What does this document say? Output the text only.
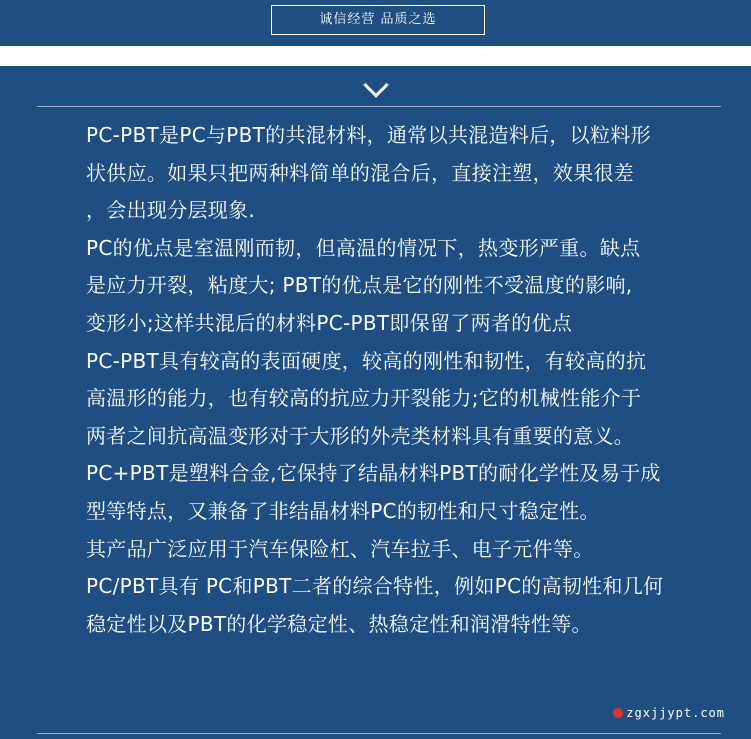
诚信经营 品质之选
PC-PBT是PC与PBT的共混材料，通常以共混造料后，以粒料形
状供应。如果只把两种料简单的混合后，直接注塑，效果很差
，会出现分层现象.
PC的优点是室温刚而韧，但高温的情况下，热变形严重。缺点
是应力开裂，粘度大; PBT的优点是它的刚性不受温度的影响,
变形小;这样共混后的材料PC-PBT即保留了两者的优点
PC-PBT具有较高的表面硬度，较高的刚性和韧性，有较高的抗
高温形的能力，也有较高的抗应力开裂能力;它的机械性能介于
两者之间抗高温变形对于大形的外壳类材料具有重要的意义。
PC+PBT是塑料合金,它保持了结晶材料PBT的耐化学性及易于成
型等特点，又兼备了非结晶材料PC的韧性和尺寸稳定性。
其产品广泛应用于汽车保险杠、汽车拉手、电子元件等。
PC/PBT具有 PC和PBT二者的综合特性，例如PC的高韧性和几何
稳定性以及PBT的化学稳定性、热稳定性和润滑特性等。
zgxjjypt.com
